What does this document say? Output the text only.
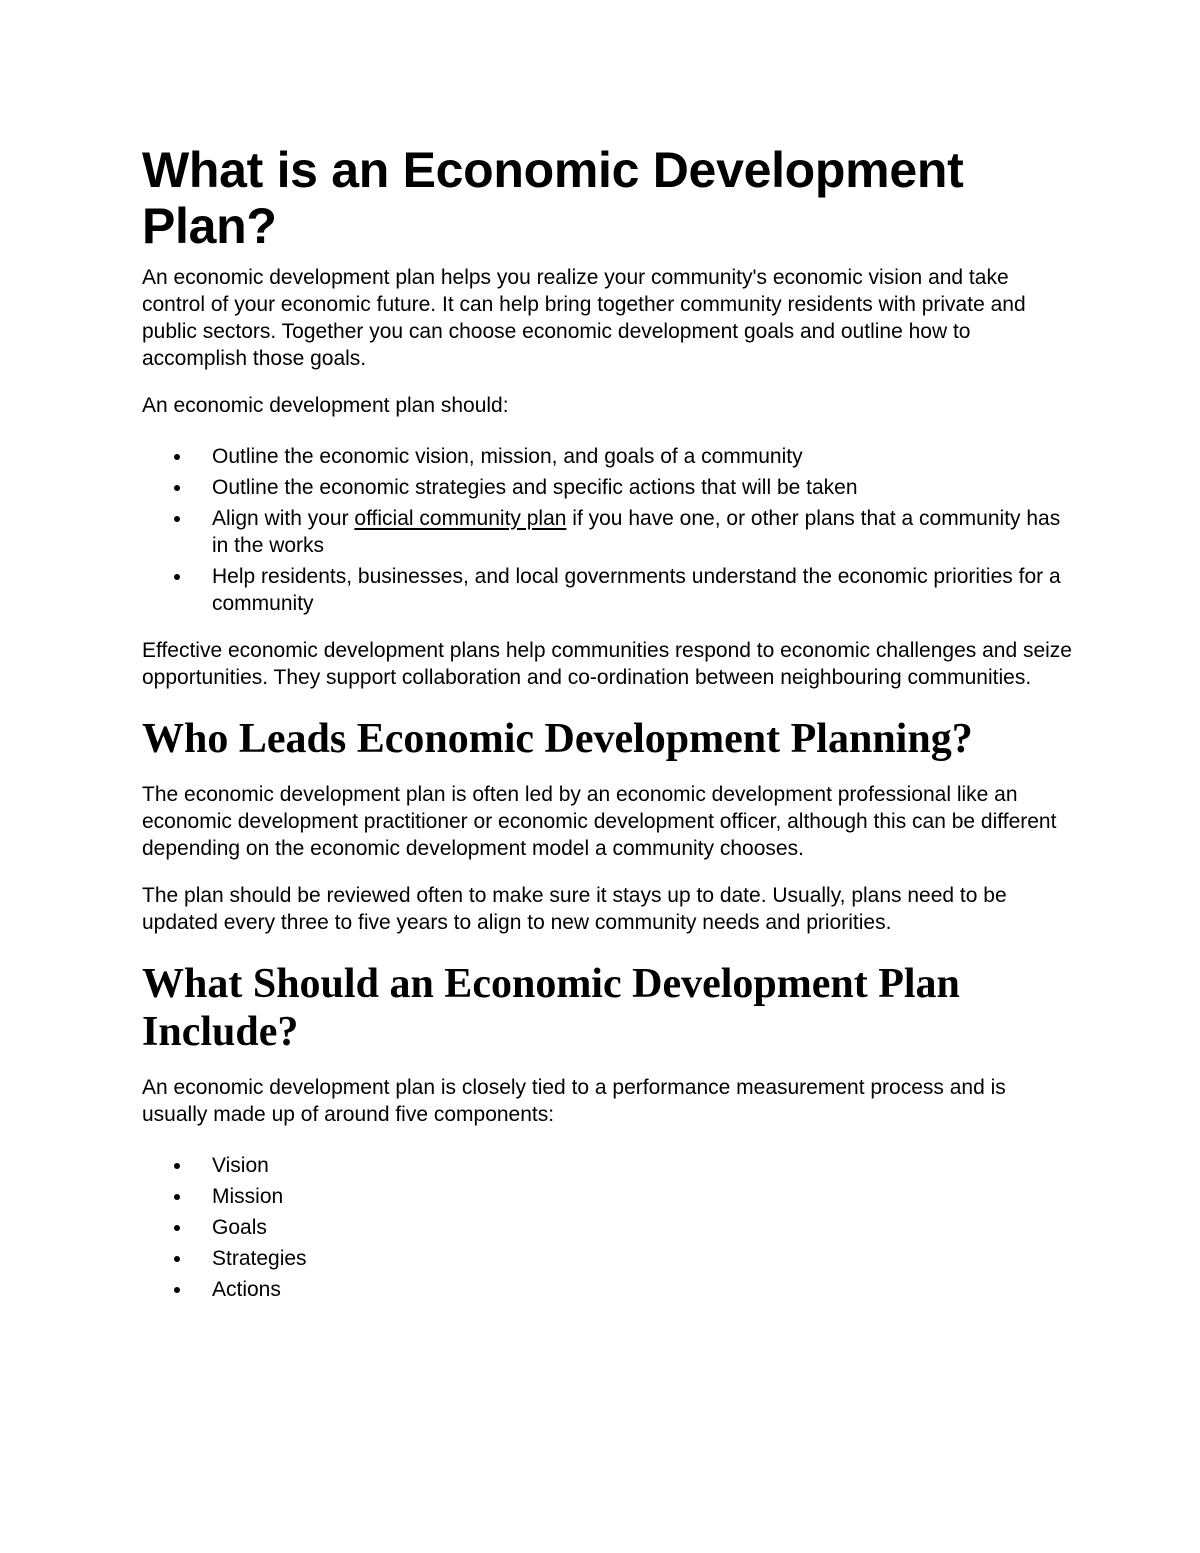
What is an Economic Development Plan?

An economic development plan helps you realize your community's economic vision and take control of your economic future. It can help bring together community residents with private and public sectors. Together you can choose economic development goals and outline how to accomplish those goals.

An economic development plan should:

Outline the economic vision, mission, and goals of a community
Outline the economic strategies and specific actions that will be taken
Align with your official community plan if you have one, or other plans that a community has in the works
Help residents, businesses, and local governments understand the economic priorities for a community

Effective economic development plans help communities respond to economic challenges and seize opportunities. They support collaboration and co-ordination between neighbouring communities.

Who Leads Economic Development Planning?

The economic development plan is often led by an economic development professional like an economic development practitioner or economic development officer, although this can be different depending on the economic development model a community chooses.

The plan should be reviewed often to make sure it stays up to date. Usually, plans need to be updated every three to five years to align to new community needs and priorities.

What Should an Economic Development Plan Include?

An economic development plan is closely tied to a performance measurement process and is usually made up of around five components:

Vision
Mission
Goals
Strategies
Actions
